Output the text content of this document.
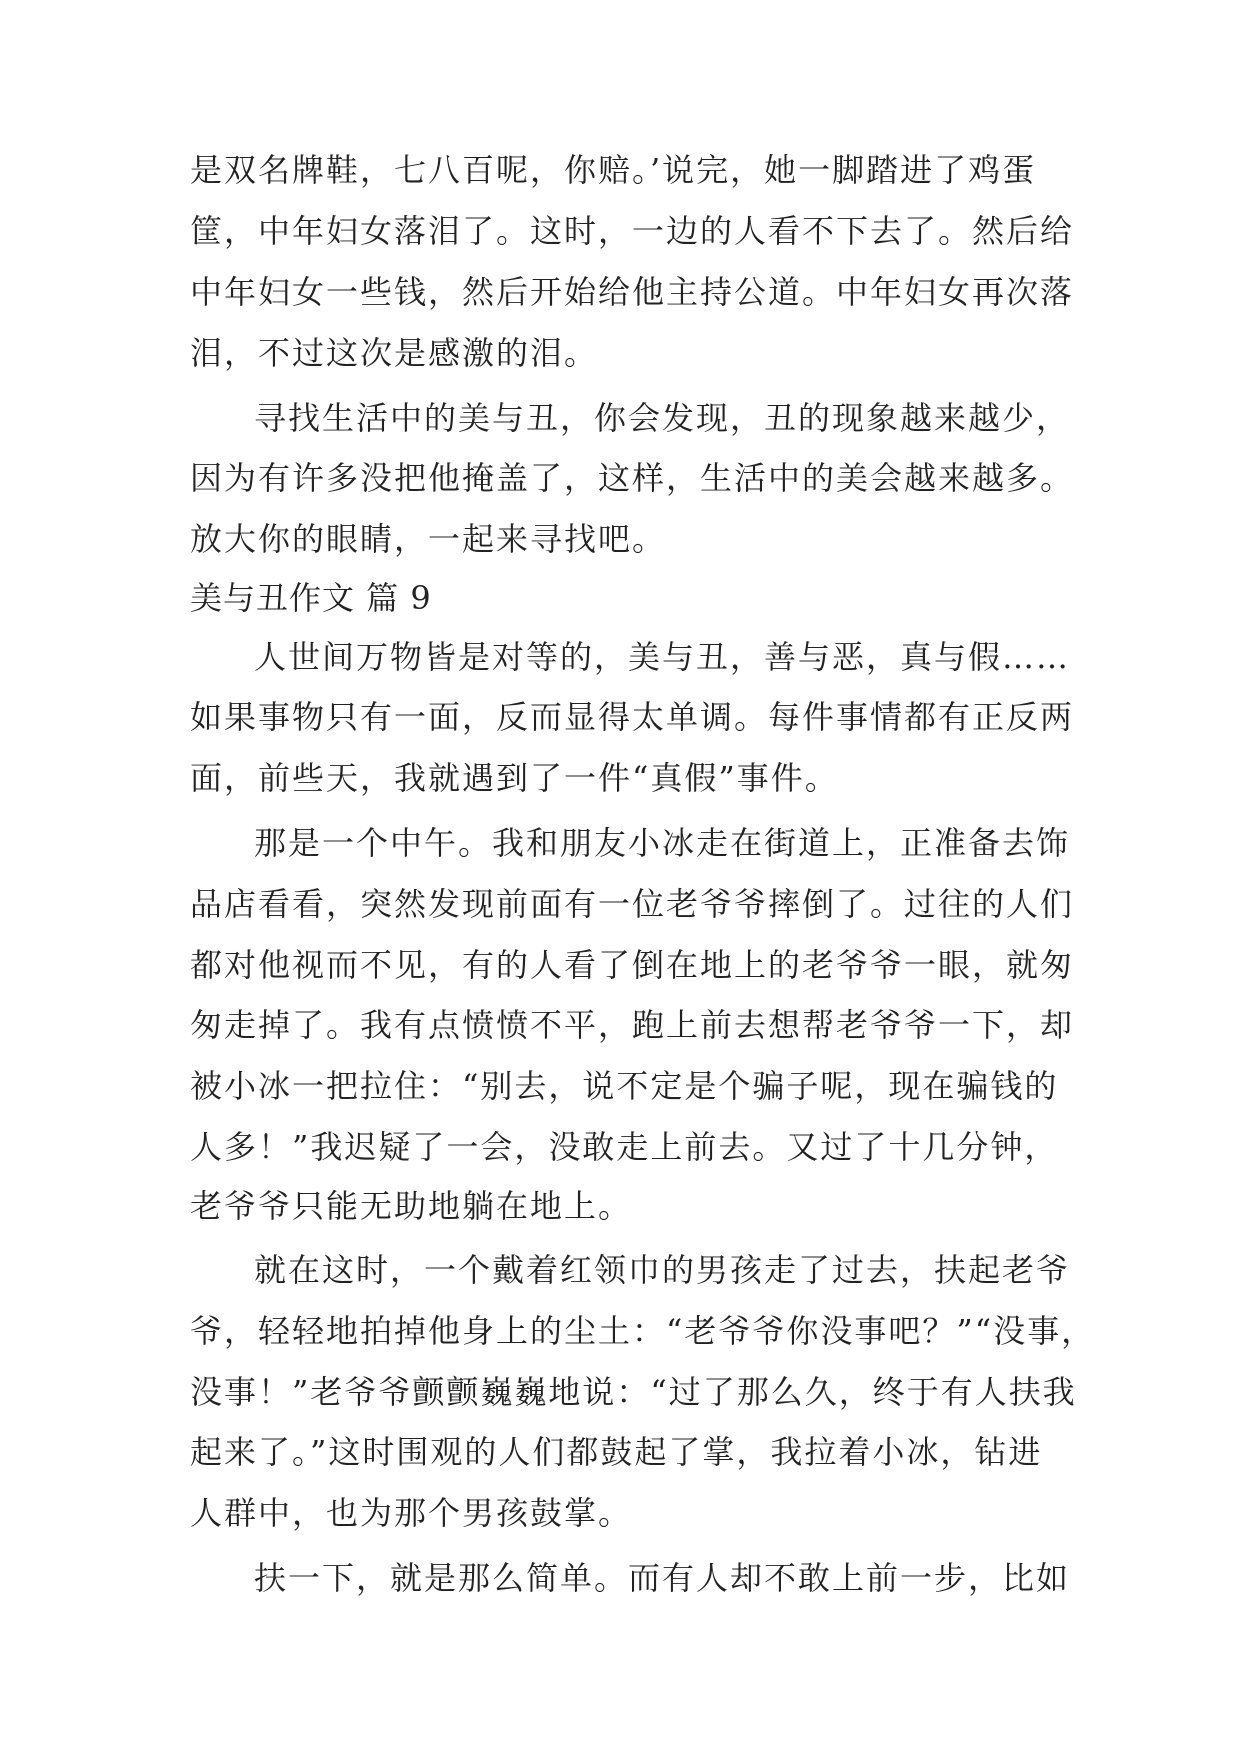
是双名牌鞋，七八百呢，你赔。’说完，她一脚踏进了鸡蛋
筐，中年妇女落泪了。这时，一边的人看不下去了。然后给
中年妇女一些钱，然后开始给他主持公道。中年妇女再次落
泪，不过这次是感激的泪。
寻找生活中的美与丑，你会发现，丑的现象越来越少，
因为有许多没把他掩盖了，这样，生活中的美会越来越多。
放大你的眼睛，一起来寻找吧。
美与丑作文 篇 9
人世间万物皆是对等的，美与丑，善与恶，真与假……
如果事物只有一面，反而显得太单调。每件事情都有正反两
面，前些天，我就遇到了一件“真假”事件。
那是一个中午。我和朋友小冰走在街道上，正准备去饰
品店看看，突然发现前面有一位老爷爷摔倒了。过往的人们
都对他视而不见，有的人看了倒在地上的老爷爷一眼，就匆
匆走掉了。我有点愤愤不平，跑上前去想帮老爷爷一下，却
被小冰一把拉住：“别去，说不定是个骗子呢，现在骗钱的
人多！”我迟疑了一会，没敢走上前去。又过了十几分钟，
老爷爷只能无助地躺在地上。
就在这时，一个戴着红领巾的男孩走了过去，扶起老爷
爷，轻轻地拍掉他身上的尘土：“老爷爷你没事吧？”“没事，
没事！”老爷爷颤颤巍巍地说：“过了那么久，终于有人扶我
起来了。”这时围观的人们都鼓起了掌，我拉着小冰，钻进
人群中，也为那个男孩鼓掌。
扶一下，就是那么简单。而有人却不敢上前一步，比如
